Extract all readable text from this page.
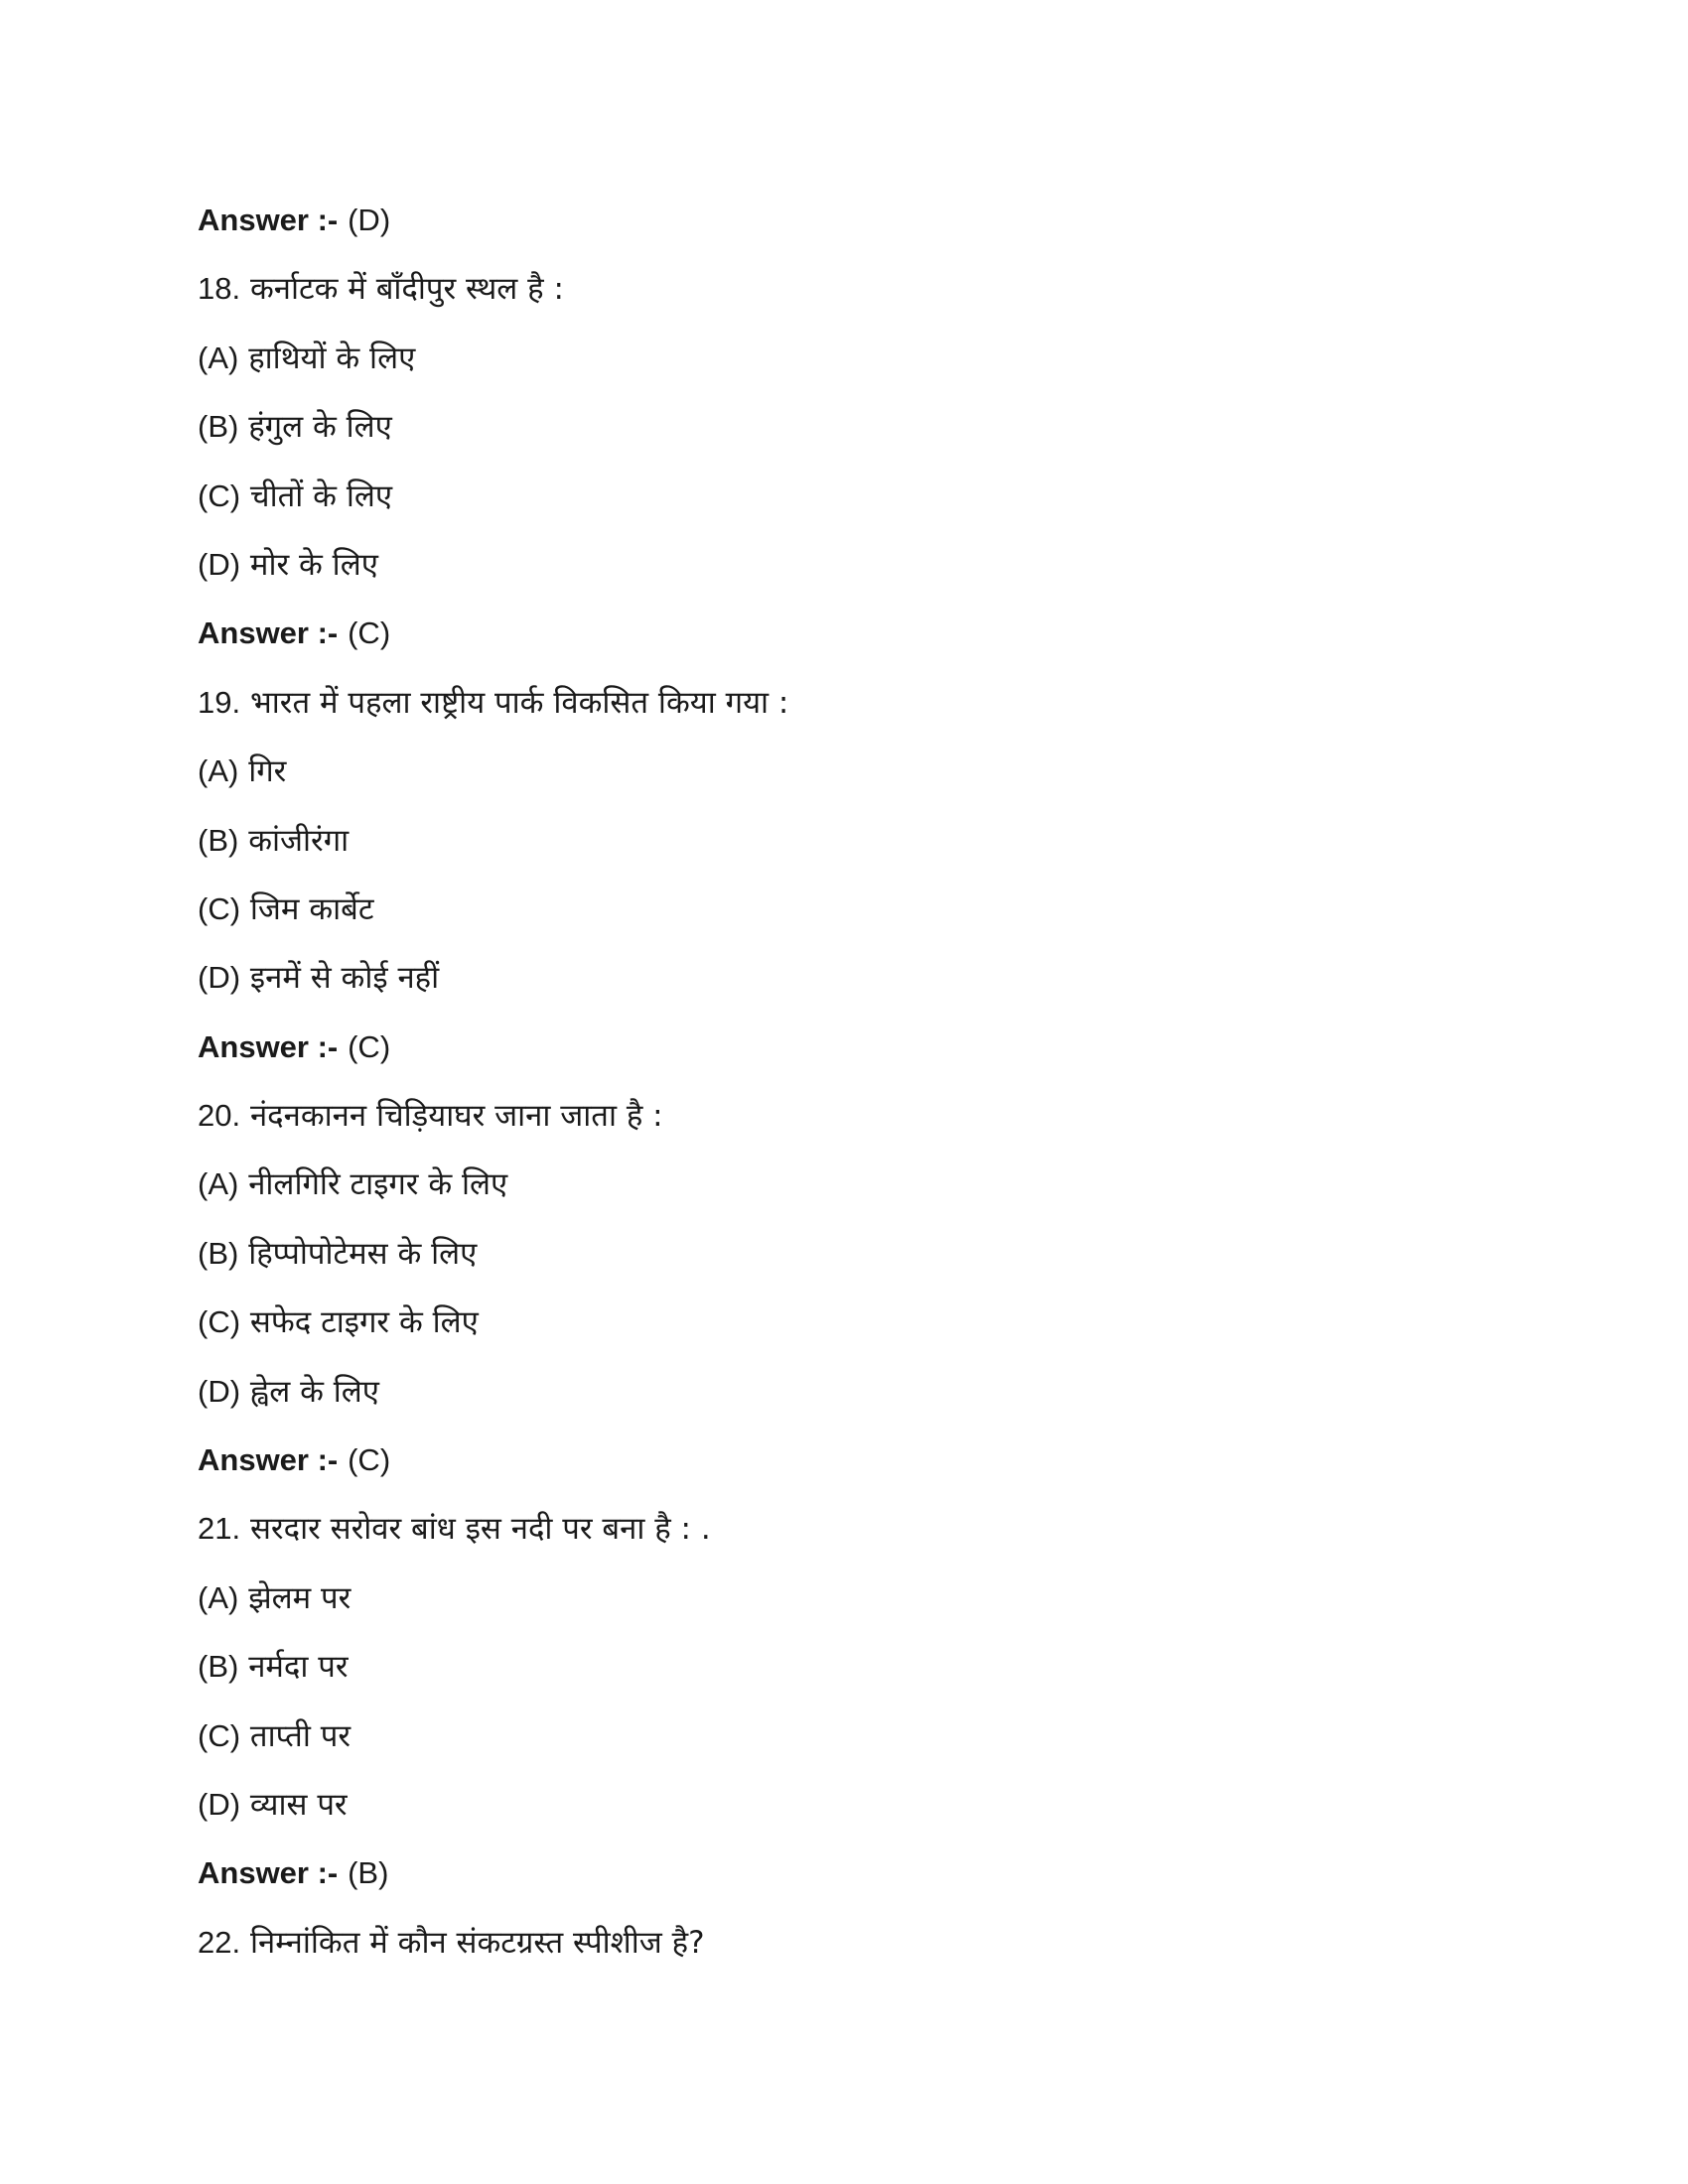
Answer :- (D)
18. कर्नाटक में बाँदीपुर स्थल है :
(A) हाथियों के लिए
(B) हंगुल के लिए
(C) चीतों के लिए
(D) मोर के लिए
Answer :- (C)
19. भारत में पहला राष्ट्रीय पार्क विकसित किया गया :
(A) गिर
(B) कांजीरंगा
(C) जिम कार्बेट
(D) इनमें से कोई नहीं
Answer :- (C)
20. नंदनकानन चिड़ियाघर जाना जाता है :
(A) नीलगिरि टाइगर के लिए
(B) हिप्पोपोटेमस के लिए
(C) सफेद टाइगर के लिए
(D) ह्वेल के लिए
Answer :- (C)
21. सरदार सरोवर बांध इस नदी पर बना है : .
(A) झेलम पर
(B) नर्मदा पर
(C) ताप्ती पर
(D) व्यास पर
Answer :- (B)
22. निम्नांकित में कौन संकटग्रस्त स्पीशीज है?
